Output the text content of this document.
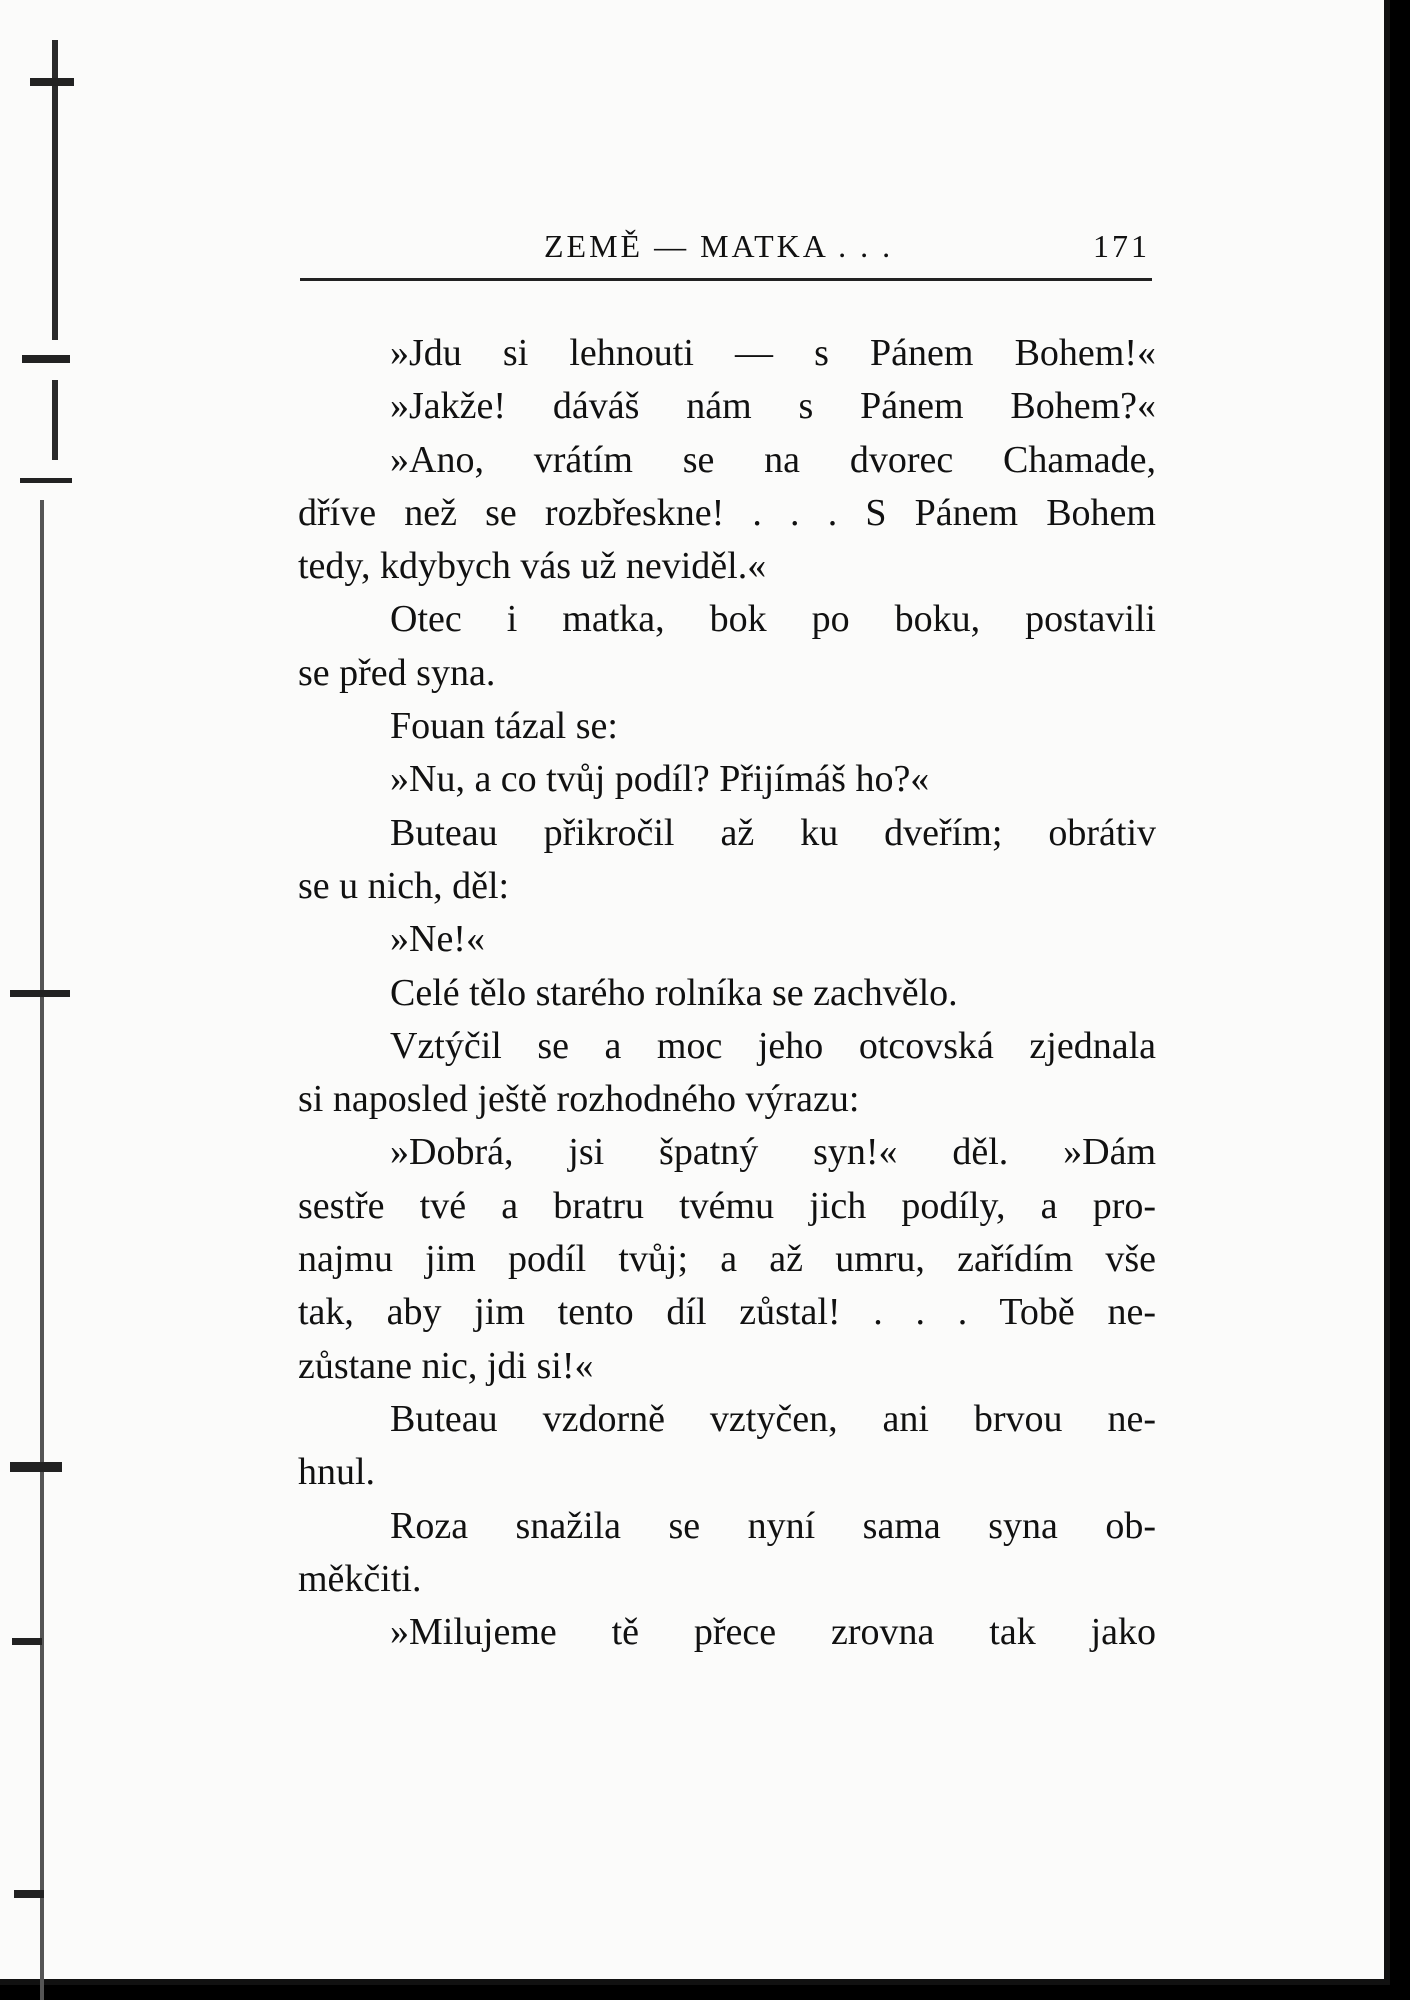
ZEMĚ — MATKA . . .	171
»Jdu si lehnouti — s Pánem Bohem!«
»Jakže! dáváš nám s Pánem Bohem?«
»Ano, vrátím se na dvorec Chamade,
dříve než se rozbřeskne! . . . S Pánem Bohem
tedy, kdybych vás už neviděl.«
Otec i matka, bok po boku, postavili
se před syna.
Fouan tázal se:
»Nu, a co tvůj podíl? Přijímáš ho?«
Buteau přikročil až ku dveřím; obrátiv
se u nich, děl:
»Ne!«
Celé tělo starého rolníka se zachvělo.
Vztýčil se a moc jeho otcovská zjednala
si naposled ještě rozhodného výrazu:
»Dobrá, jsi špatný syn!« děl. »Dám
sestře tvé a bratru tvému jich podíly, a pro-
najmu jim podíl tvůj; a až umru, zařídím vše
tak, aby jim tento díl zůstal! . . . Tobě ne-
zůstane nic, jdi si!«
Buteau vzdorně vztyčen, ani brvou ne-
hnul.
Roza snažila se nyní sama syna ob-
měkčiti.
»Milujeme tě přece zrovna tak jako
